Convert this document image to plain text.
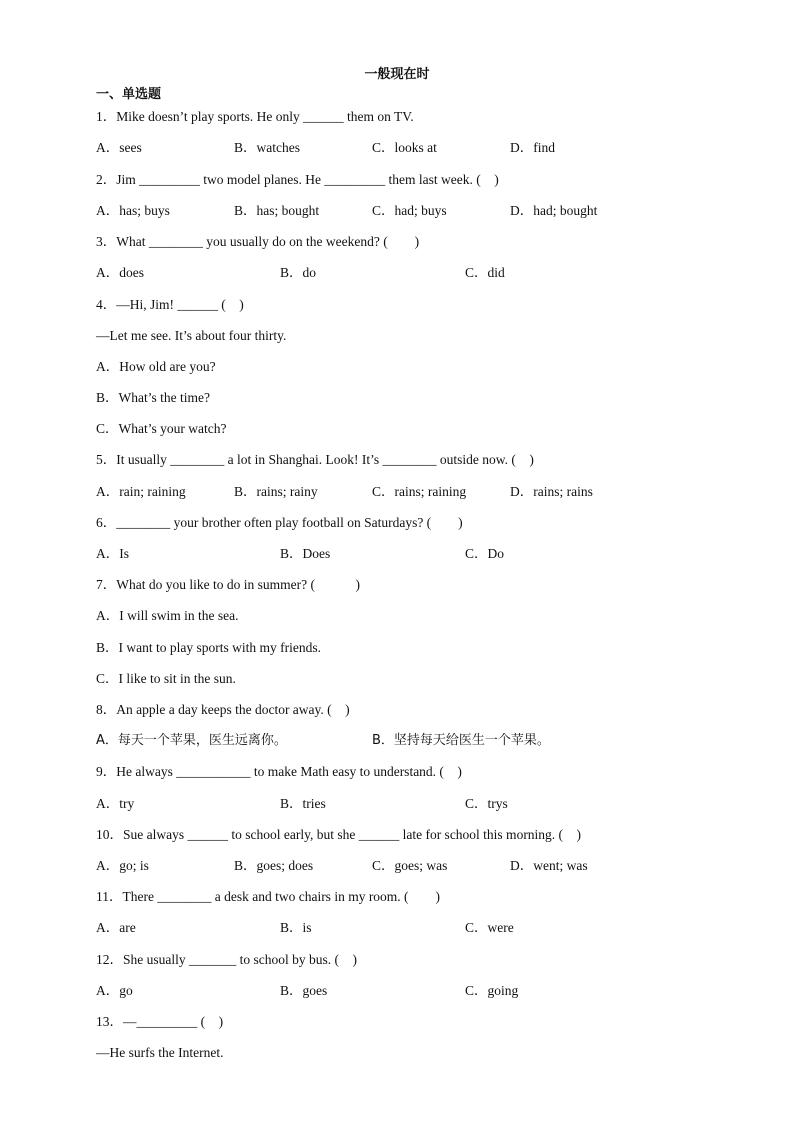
一般现在时
一、单选题
1．Mike doesn’t play sports. He only ______ them on TV.
A．sees	B．watches	C．looks at	D．find
2．Jim _________ two model planes. He _________ them last week. (　)
A．has; buys	B．has; bought	C．had; buys	D．had; bought
3．What ________ you usually do on the weekend? (　　)
A．does	B．do	C．did
4．—Hi, Jim! ______ (　)
—Let me see. It’s about four thirty.
A．How old are you?
B．What’s the time?
C．What’s your watch?
5．It usually ________ a lot in Shanghai. Look! It’s ________ outside now. (　)
A．rain; raining	B．rains; rainy	C．rains; raining	D．rains; rains
6．________ your brother often play football on Saturdays? (　　)
A．Is	B．Does	C．Do
7．What do you like to do in summer? (　　　)
A．I will swim in the sea.
B．I want to play sports with my friends.
C．I like to sit in the sun.
8．An apple a day keeps the doctor away. (　)
A．每天一个苹果，医生远离你。	B．坚持每天给医生一个苹果。
9．He always ___________ to make Math easy to understand. (　)
A．try	B．tries	C．trys
10．Sue always ______ to school early, but she ______ late for school this morning. (　)
A．go; is	B．goes; does	C．goes; was	D．went; was
11．There ________ a desk and two chairs in my room. (　　)
A．are	B．is	C．were
12．She usually _______ to school by bus. (　)
A．go	B．goes	C．going
13．—_________ (　)
—He surfs the Internet.
